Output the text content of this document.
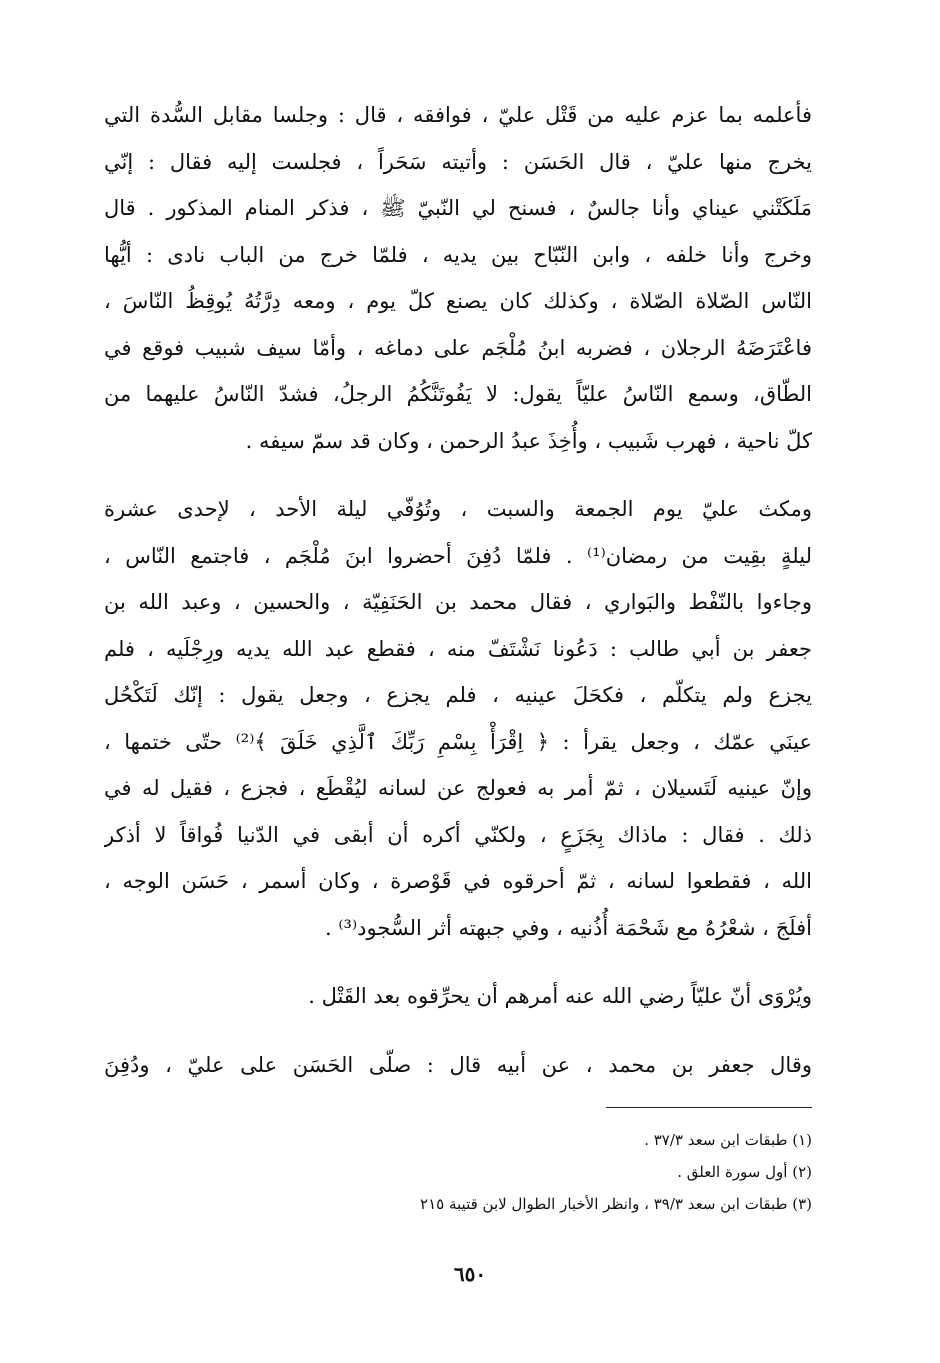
فأعلمه بما عزم عليه من قَتْل عليّ ، فوافقه ، قال : وجلسا مقابل السُّدة التي
يخرج منها عليّ ، قال الحَسَن : وأتيته سَحَراً ، فجلست إليه فقال : إنّي
مَلَكَتْني عيناي وأنا جالسٌ ، فسنح لي النّبيّ ﷺ ، فذكر المنام المذكور . قال
وخرج وأنا خلفه ، وابن النّبّاح بين يديه ، فلمّا خرج من الباب نادى : أيُّها
النّاس الصّلاة الصّلاة ، وكذلك كان يصنع كلّ يوم ، ومعه دِرَّتُهُ يُوقِظُ النّاسَ ،
فاعْتَرَضَهُ الرجلان ، فضربه ابنُ مُلْجَم على دماغه ، وأمّا سيف شبيب فوقع في
الطّاق، وسمع النّاسُ عليّاً يقول: لا يَفُوتَنَّكُمُ الرجلُ، فشدّ النّاسُ عليهما من
كلّ ناحية ، فهرب شَبيب ، وأُخِذَ عبدُ الرحمن ، وكان قد سمّ سيفه .
ومكث عليّ يوم الجمعة والسبت ، وتُوُفّي ليلة الأحد ، لإحدى عشرة
ليلةٍ بقِيت من رمضان⁽¹⁾ . فلمّا دُفِنَ أحضروا ابنَ مُلْجَم ، فاجتمع النّاس ،
وجاءوا بالنّفْط والبَواري ، فقال محمد بن الحَنَفِيّة ، والحسين ، وعبد الله بن
جعفر بن أبي طالب : دَعُونا نَشْتَفّ منه ، فقطع عبد الله يديه ورِجْلَيه ، فلم
يجزع ولم يتكلّم ، فكحَلَ عينيه ، فلم يجزع ، وجعل يقول : إنّك لَتَكْحُل
عينَي عمّك ، وجعل يقرأ : ﴿ اِقْرَأْ بِسْمِ رَبِّكَ ٱلَّذِي خَلَقَ ﴾⁽²⁾ حتّى ختمها ،
وإنّ عينيه لَتَسيلان ، ثمّ أمر به فعولج عن لسانه ليُقْطَع ، فجزع ، فقيل له في
ذلك . فقال : ماذاك بِجَزَعٍ ، ولكنّي أكره أن أبقى في الدّنيا فُواقاً لا أذكر
الله ، فقطعوا لسانه ، ثمّ أحرقوه في قَوْصرة ، وكان أسمر ، حَسَن الوجه ،
أفلَجَ ، شعْرُهُ مع شَحْمَة أُذُنيه ، وفي جبهته أثر السُّجود⁽³⁾ .
ويُرْوَى أنّ عليّاً رضي الله عنه أمرهم أن يحرِّقوه بعد القَتْل .
وقال جعفر بن محمد ، عن أبيه قال : صلّى الحَسَن على عليّ ، ودُفِنَ
(١) طبقات ابن سعد ٣٧/٣ .
(٢) أول سورة العلق .
(٣) طبقات ابن سعد ٣٩/٣ ، وانظر الأخبار الطوال لابن قتيبة ٢١٥
٦٥٠
